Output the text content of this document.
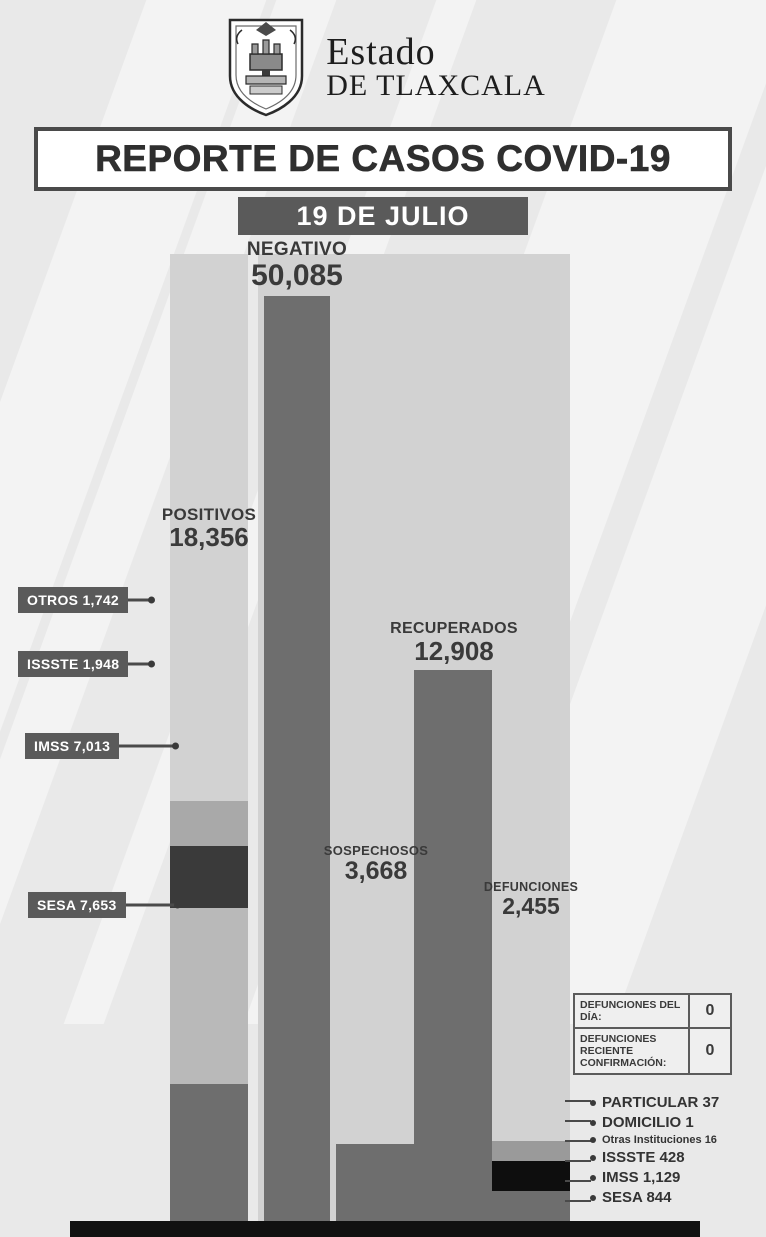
Estado
DE TLAXCALA
REPORTE DE CASOS COVID-19
19 DE JULIO
POSITIVOS
18,356
NEGATIVO
50,085
SOSPECHOSOS
3,668
RECUPERADOS
12,908
DEFUNCIONES
2,455
OTROS 1,742
ISSSTE 1,948
IMSS 7,013
SESA 7,653
DEFUNCIONES DEL DÍA:	0
DEFUNCIONES RECIENTE CONFIRMACIÓN:
0
PARTICULAR 37
DOMICILIO 1
Otras Instituciones 16
ISSSTE 428
IMSS 1,129
SESA 844
